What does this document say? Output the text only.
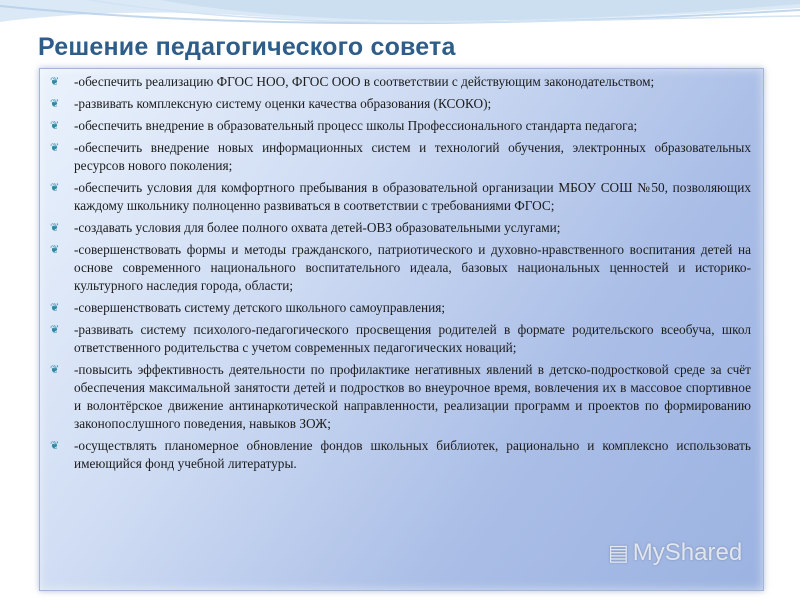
Решение педагогического совета
❦ -обеспечить реализацию ФГОС НОО, ФГОС ООО в соответствии с действующим законодательством;
❦ -развивать комплексную систему оценки качества образования (КСОКО);
❦ -обеспечить внедрение в образовательный процесс школы Профессионального стандарта педагога;
❦ -обеспечить внедрение новых информационных систем и технологий обучения, электронных образовательных ресурсов нового поколения;
❦ -обеспечить условия для комфортного пребывания в образовательной организации МБОУ СОШ №50, позволяющих каждому школьнику полноценно развиваться в соответствии с требованиями ФГОС;
❦ -создавать условия для более полного охвата детей-ОВЗ образовательными услугами;
❦ -совершенствовать формы и методы гражданского, патриотического и духовно-нравственного воспитания детей на основе современного национального воспитательного идеала, базовых национальных ценностей и историко-культурного наследия города, области;
❦ -совершенствовать систему детского школьного самоуправления;
❦ -развивать систему психолого-педагогического просвещения родителей в формате родительского всеобуча, школ ответственного родительства с учетом современных педагогических новаций;
❦ -повысить эффективность деятельности по профилактике негативных явлений в детско-подростковой среде за счёт обеспечения максимальной занятости детей и подростков во внеурочное время, вовлечения их в массовое спортивное и волонтёрское движение антинаркотической направленности, реализации программ и проектов по формированию законопослушного поведения, навыков ЗОЖ;
❦ -осуществлять планомерное обновление фондов школьных библиотек, рационально и комплексно использовать имеющийся фонд учебной литературы.
▤ MyShared
